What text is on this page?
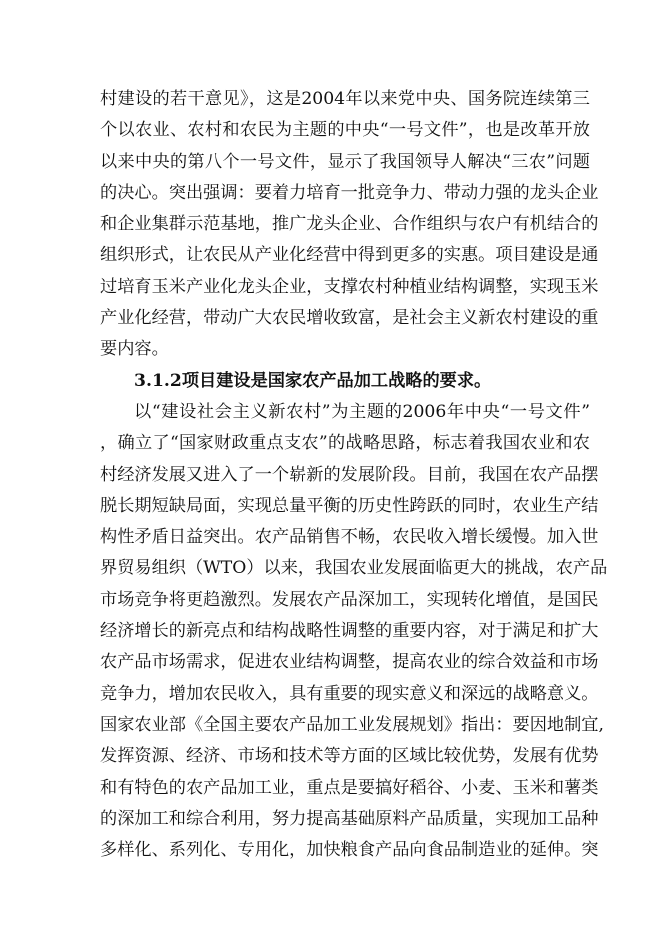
村建设的若干意见》，这是2004年以来党中央、国务院连续第三
个以农业、农村和农民为主题的中央“一号文件”，也是改革开放
以来中央的第八个一号文件，显示了我国领导人解决“三农”问题
的决心。突出强调：要着力培育一批竞争力、带动力强的龙头企业
和企业集群示范基地，推广龙头企业、合作组织与农户有机结合的
组织形式，让农民从产业化经营中得到更多的实惠。项目建设是通
过培育玉米产业化龙头企业，支撑农村种植业结构调整，实现玉米
产业化经营，带动广大农民增收致富，是社会主义新农村建设的重
要内容。
3.1.2项目建设是国家农产品加工战略的要求。
以“建设社会主义新农村”为主题的2006年中央“一号文件”
，确立了“国家财政重点支农”的战略思路，标志着我国农业和农
村经济发展又进入了一个崭新的发展阶段。目前，我国在农产品摆
脱长期短缺局面，实现总量平衡的历史性跨跃的同时，农业生产结
构性矛盾日益突出。农产品销售不畅，农民收入增长缓慢。加入世
界贸易组织（WTO）以来，我国农业发展面临更大的挑战，农产品
市场竞争将更趋激烈。发展农产品深加工，实现转化增值，是国民
经济增长的新亮点和结构战略性调整的重要内容，对于满足和扩大
农产品市场需求，促进农业结构调整，提高农业的综合效益和市场
竞争力，增加农民收入，具有重要的现实意义和深远的战略意义。
国家农业部《全国主要农产品加工业发展规划》指出：要因地制宜,
发挥资源、经济、市场和技术等方面的区域比较优势，发展有优势
和有特色的农产品加工业，重点是要搞好稻谷、小麦、玉米和薯类
的深加工和综合利用，努力提高基础原料产品质量，实现加工品种
多样化、系列化、专用化，加快粮食产品向食品制造业的延伸。突
